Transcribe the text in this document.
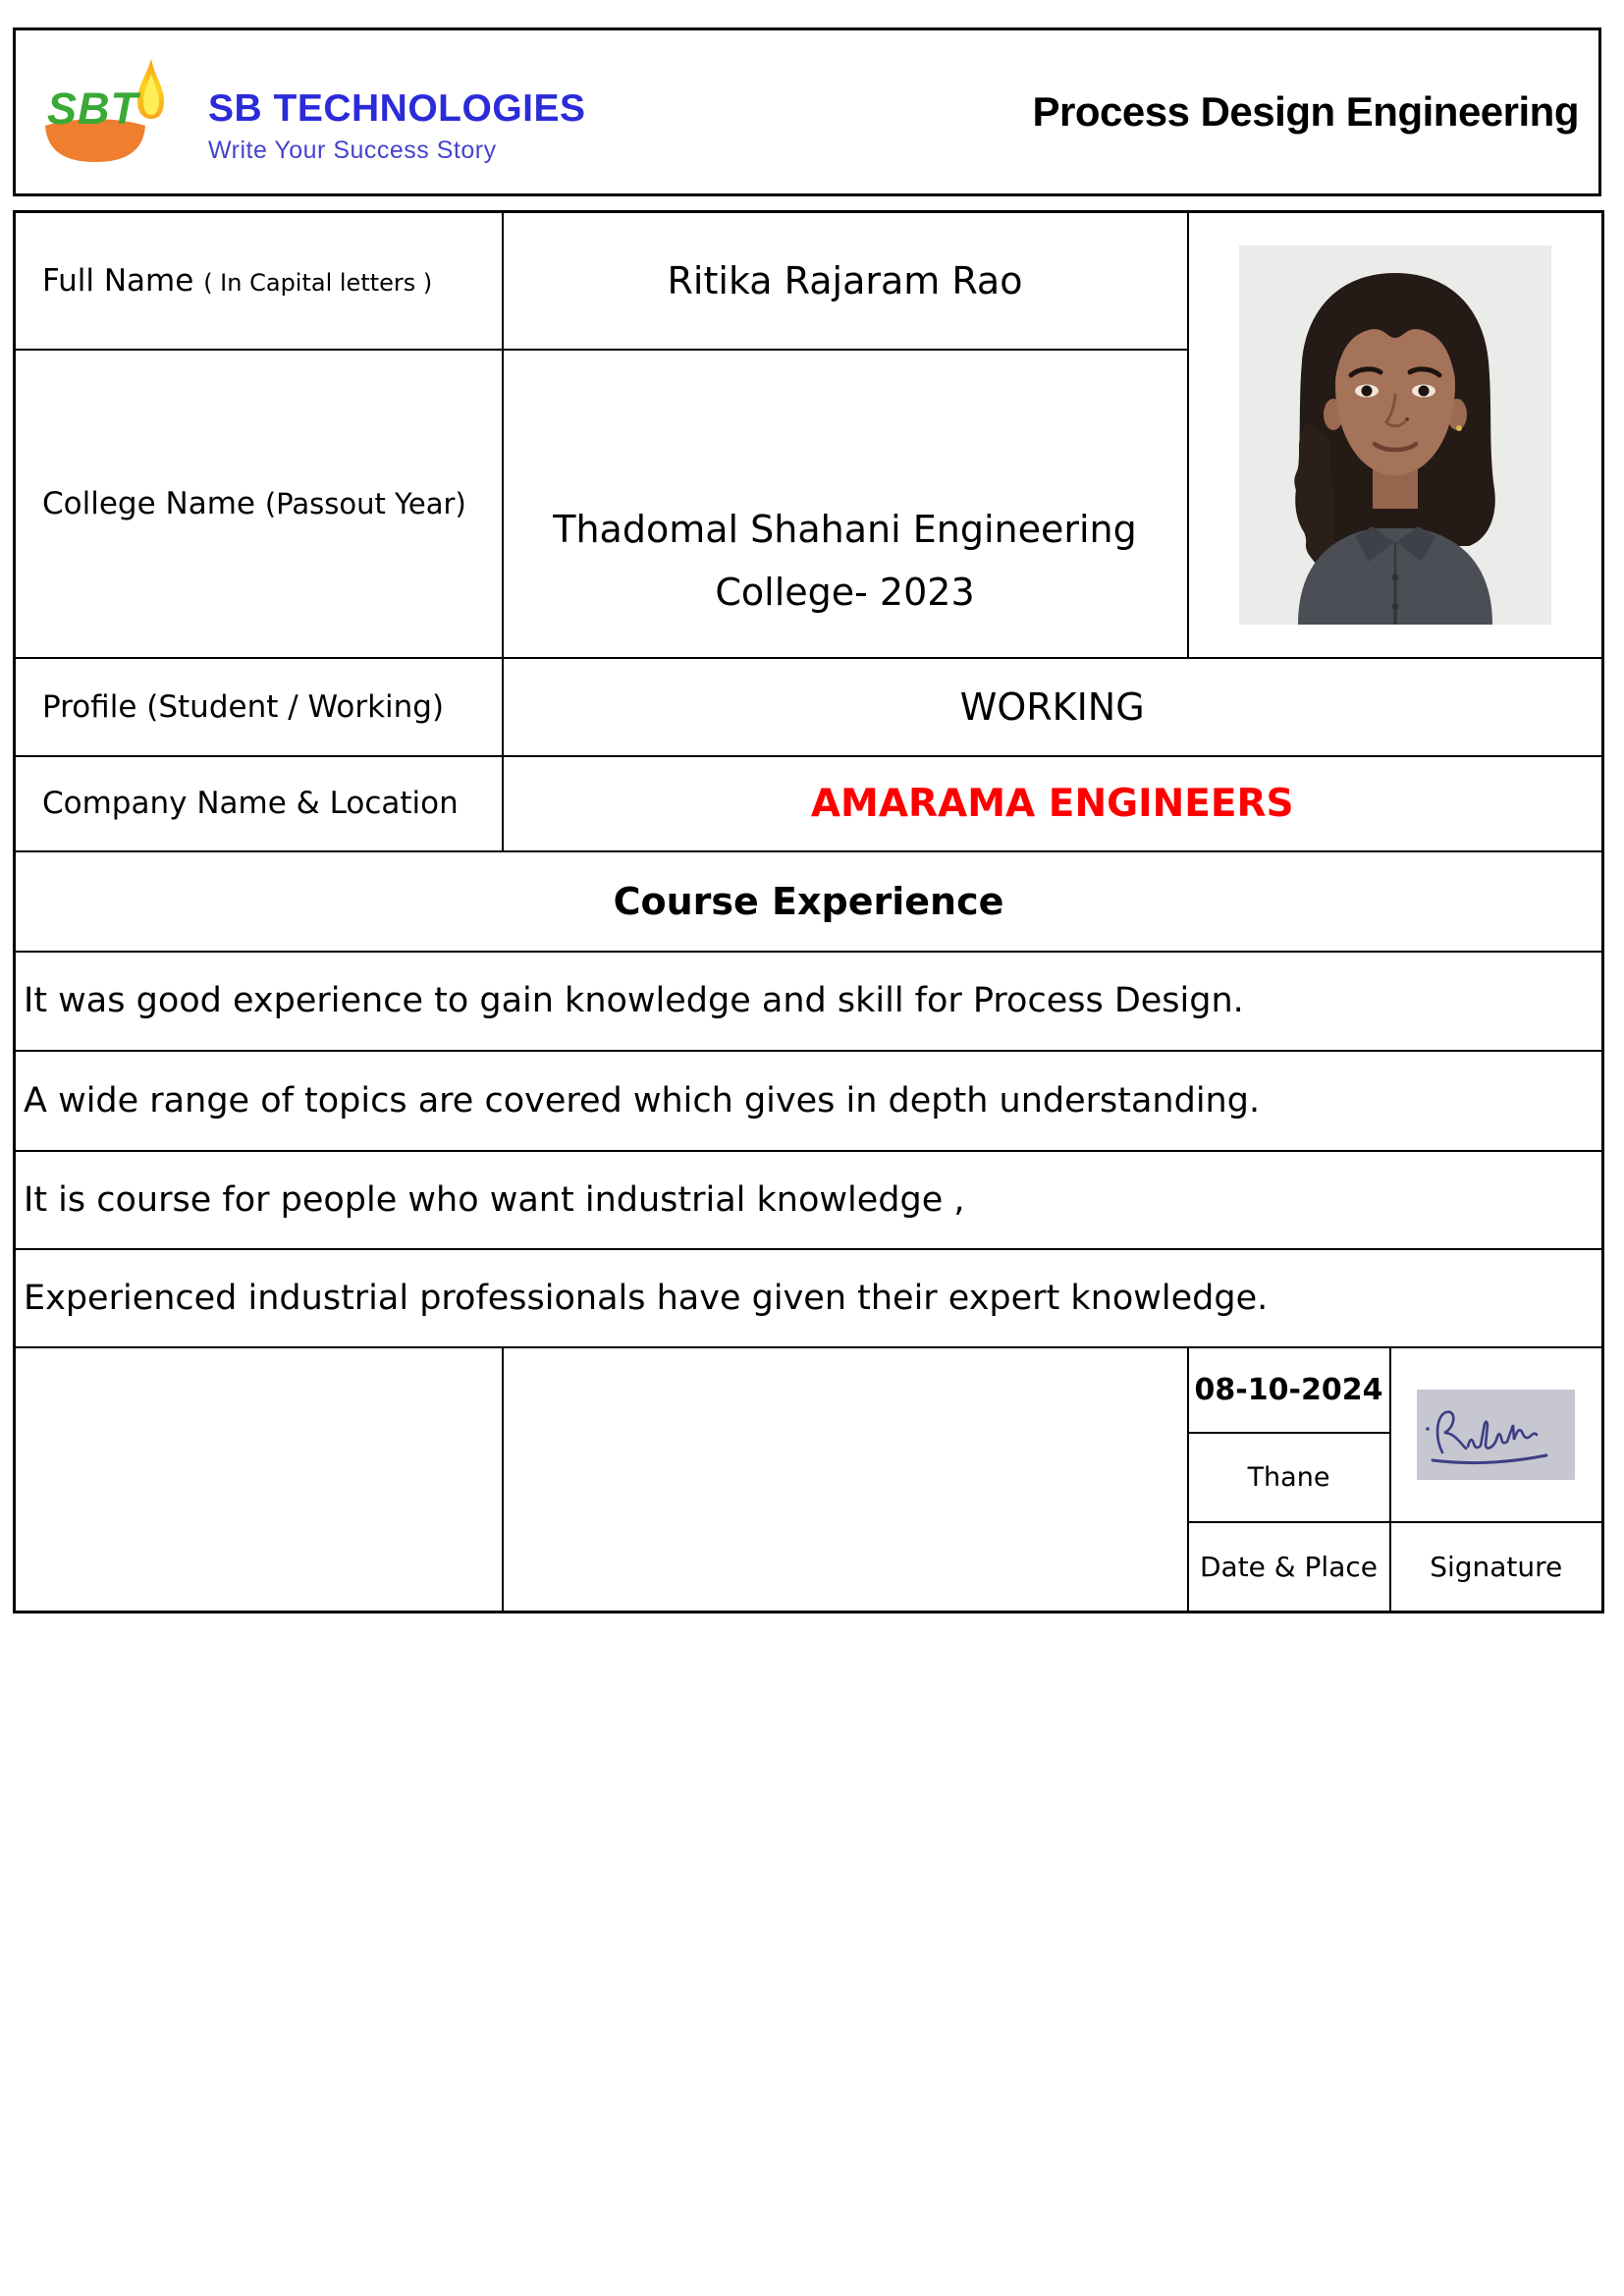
SBT SB TECHNOLOGIES
Write Your Success Story
Process Design Engineering
Full Name ( In Capital letters )	Ritika Rajaram Rao	
College Name (Passout Year)	Thadomal Shahani Engineering
College- 2023		

Profile (Student / Working)	WORKING		
Company Name & Location	AMARAMA ENGINEERS		
Course Experience			
It was good experience to gain knowledge and skill for Process Design.			
A wide range of topics are covered which gives in depth understanding.			
It is course for people who want industrial knowledge ,			
Experienced industrial professionals have given their expert knowledge.			
		08-10-2024	
		Thane	
		Date & Place	Signature
